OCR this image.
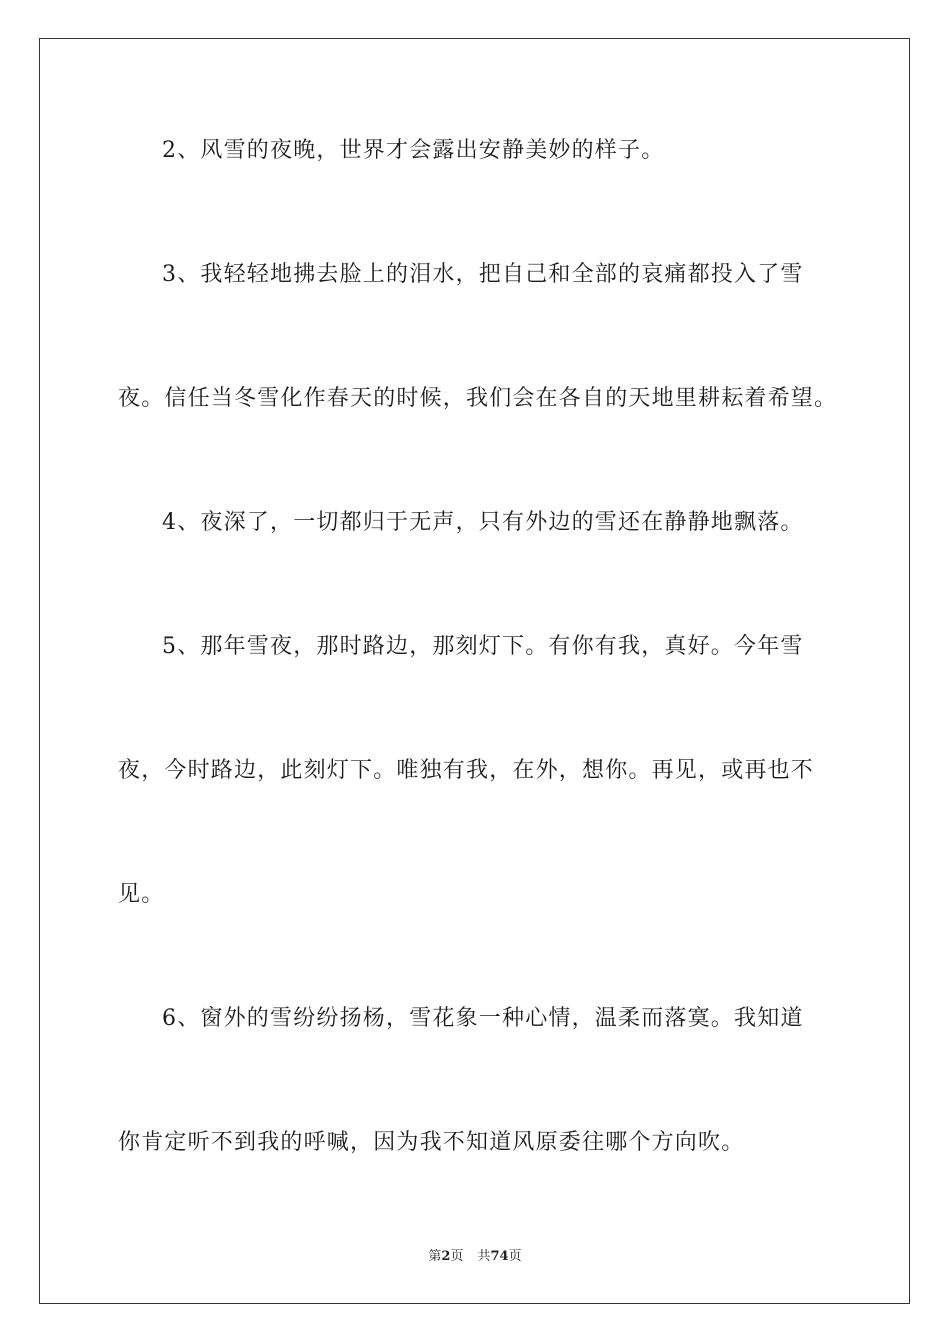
2、风雪的夜晚，世界才会露出安静美妙的样子。
3、我轻轻地拂去脸上的泪水，把自己和全部的哀痛都投入了雪
夜。信任当冬雪化作春天的时候，我们会在各自的天地里耕耘着希望。
4、夜深了，一切都归于无声，只有外边的雪还在静静地飘落。
5、那年雪夜，那时路边，那刻灯下。有你有我，真好。今年雪
夜，今时路边，此刻灯下。唯独有我，在外，想你。再见，或再也不
见。
6、窗外的雪纷纷扬杨，雪花象一种心情，温柔而落寞。我知道
你肯定听不到我的呼喊，因为我不知道风原委往哪个方向吹。
第2页 共74页
